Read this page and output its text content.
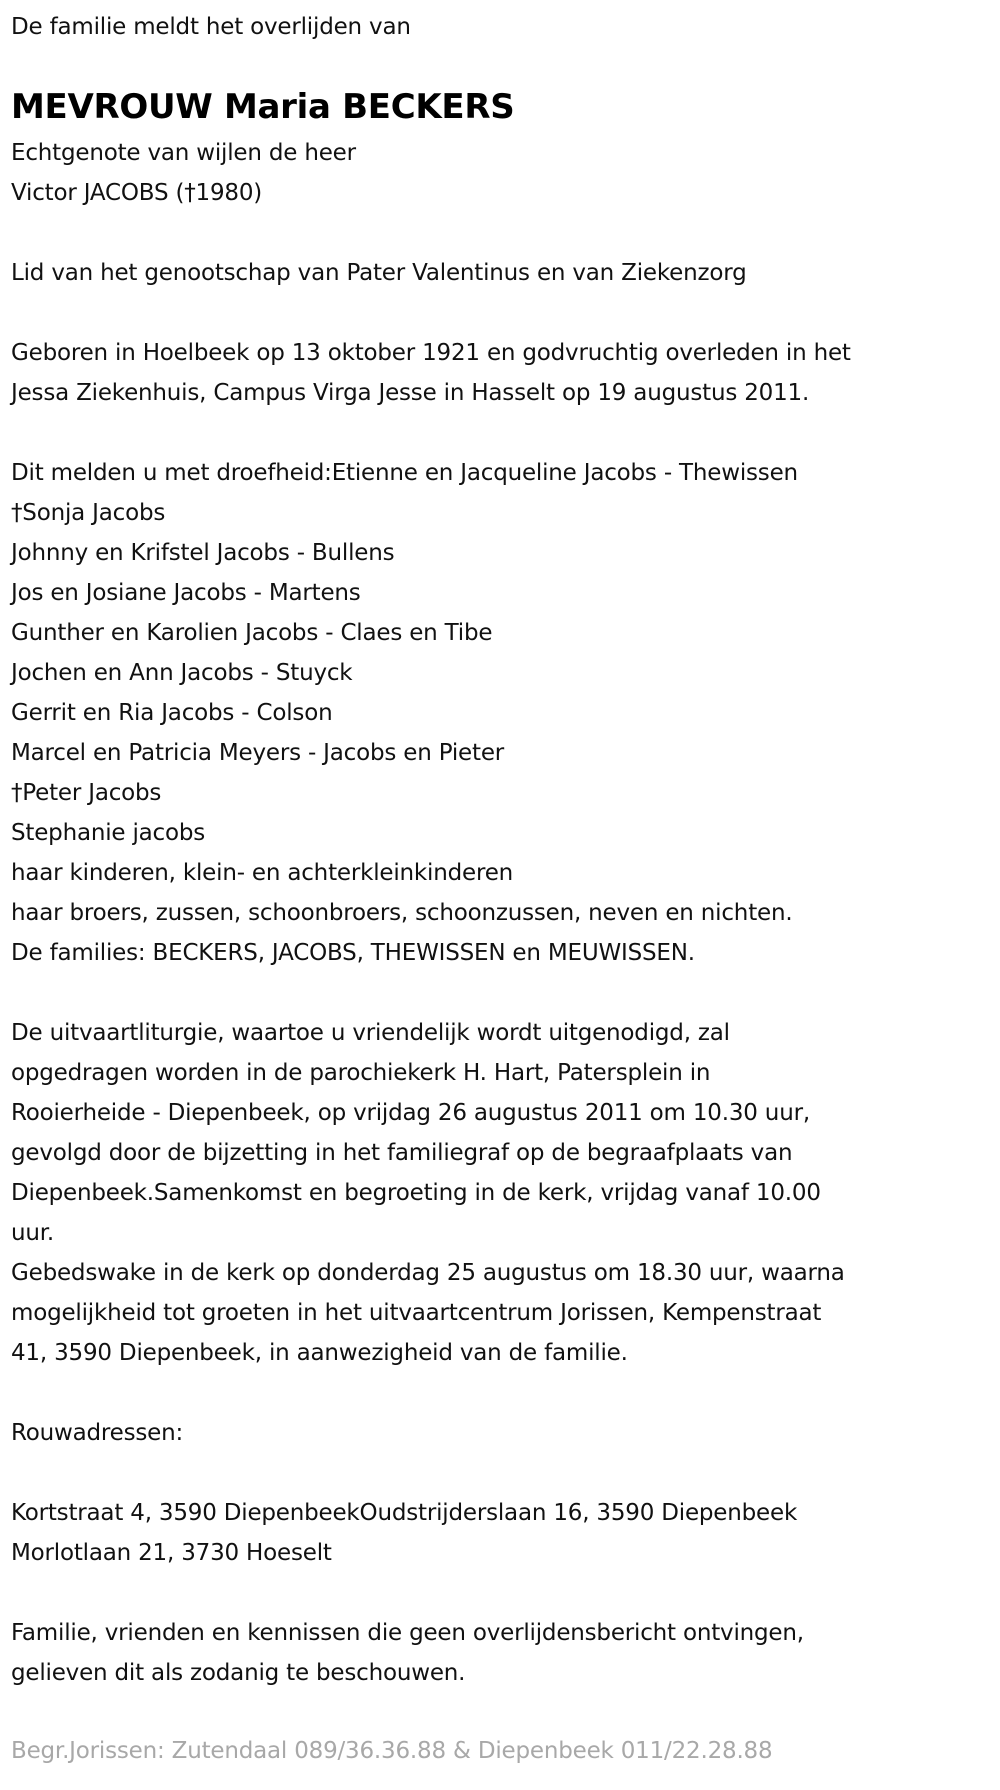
De familie meldt het overlijden van
MEVROUW Maria BECKERS
Echtgenote van wijlen de heer
Victor JACOBS (†1980)
Lid van het genootschap van Pater Valentinus en van Ziekenzorg
Geboren in Hoelbeek op 13 oktober 1921 en godvruchtig overleden in het
Jessa Ziekenhuis, Campus Virga Jesse in Hasselt op 19 augustus 2011.
Dit melden u met droefheid:Etienne en Jacqueline Jacobs - Thewissen
†Sonja Jacobs
Johnny en Krifstel Jacobs - Bullens
Jos en Josiane Jacobs - Martens
Gunther en Karolien Jacobs - Claes en Tibe
Jochen en Ann Jacobs - Stuyck
Gerrit en Ria Jacobs - Colson
Marcel en Patricia Meyers - Jacobs en Pieter
†Peter Jacobs
Stephanie jacobs
haar kinderen, klein- en achterkleinkinderen
haar broers, zussen, schoonbroers, schoonzussen, neven en nichten.
De families: BECKERS, JACOBS, THEWISSEN en MEUWISSEN.
De uitvaartliturgie, waartoe u vriendelijk wordt uitgenodigd, zal
opgedragen worden in de parochiekerk H. Hart, Patersplein in
Rooierheide - Diepenbeek, op vrijdag 26 augustus 2011 om 10.30 uur,
gevolgd door de bijzetting in het familiegraf op de begraafplaats van
Diepenbeek.Samenkomst en begroeting in de kerk, vrijdag vanaf 10.00
uur.
Gebedswake in de kerk op donderdag 25 augustus om 18.30 uur, waarna
mogelijkheid tot groeten in het uitvaartcentrum Jorissen, Kempenstraat
41, 3590 Diepenbeek, in aanwezigheid van de familie.
Rouwadressen:
Kortstraat 4, 3590 DiepenbeekOudstrijderslaan 16, 3590 Diepenbeek
Morlotlaan 21, 3730 Hoeselt
Familie, vrienden en kennissen die geen overlijdensbericht ontvingen,
gelieven dit als zodanig te beschouwen.
Begr.Jorissen: Zutendaal 089/36.36.88 & Diepenbeek 011/22.28.88
